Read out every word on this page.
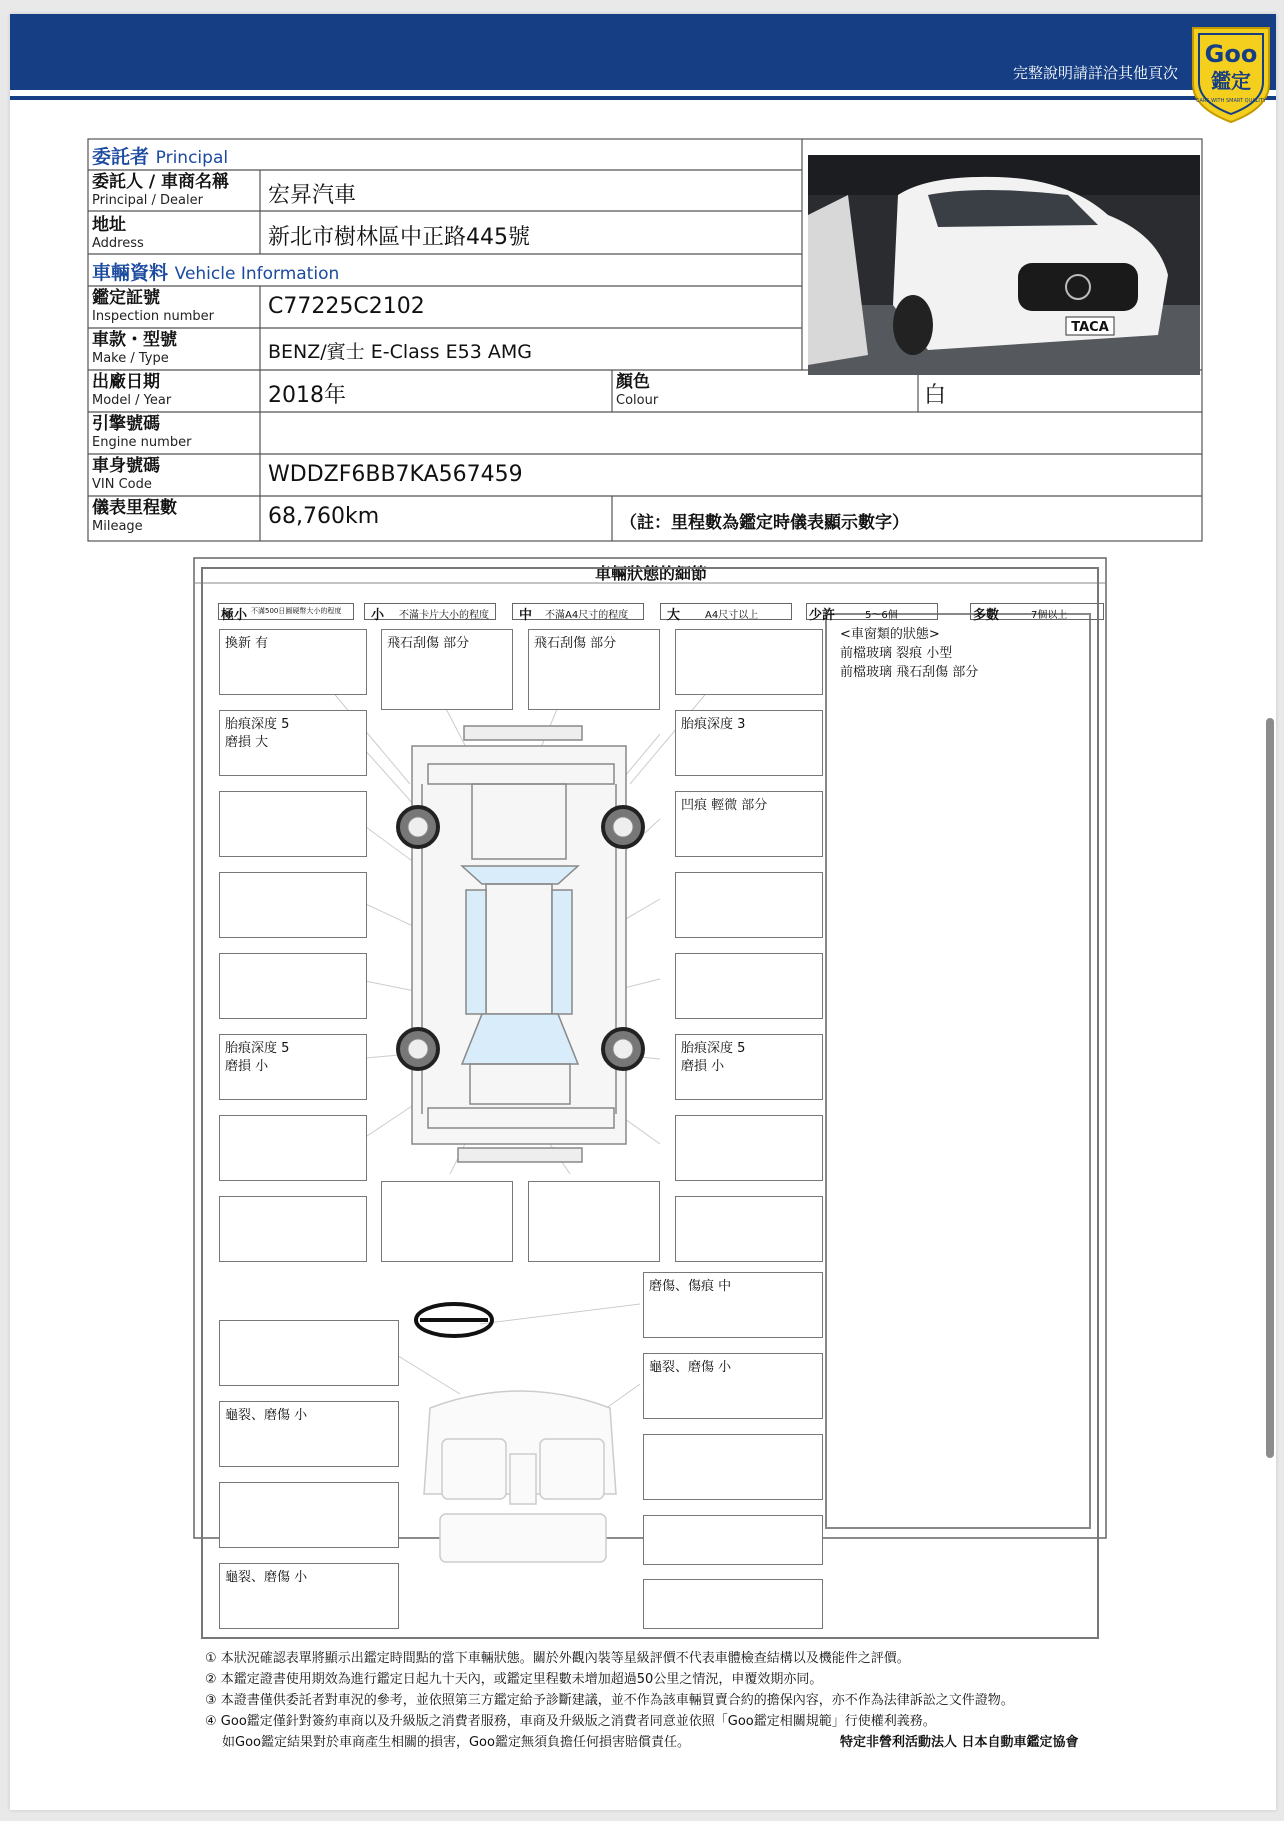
完整說明請詳洽其他頁次
Goo
鑑定
CARS WITH SMART QUALITY
委託者 Principal
委託人 / 車商名稱
Principal / Dealer	宏昇汽車
地址
Address	新北市樹林區中正路445號
車輛資料 Vehicle Information
鑑定証號
Inspection number C77225C2102
車款・型號
Make / Type	BENZ/賓士 E-Class E53 AMG
出廠日期
Model / Year	2018年
顏色
Colour	白
引擎號碼
Engine number
車身號碼
VIN Code	WDDZF6BB7KA567459
儀表里程數
Mileage	68,760km	（註：里程數為鑑定時儀表顯示數字）
TACA
車輛狀態的細節
極小 不滿500日圓硬幣大小的程度 小 不滿卡片大小的程度 中 不滿A4尺寸的程度	大 A4尺寸以上	少許	5～6個	多數	7個以上
換新 有	飛石刮傷 部分	飛石刮傷 部分
胎痕深度 5
磨損 大
胎痕深度 3
凹痕 輕微 部分
胎痕深度 5
磨損 小
胎痕深度 5
磨損 小
磨傷、傷痕 中
龜裂、磨傷 小
龜裂、磨傷 小
龜裂、磨傷 小
<車窗類的狀態>
前檔玻璃 裂痕 小型
前檔玻璃 飛石刮傷 部分
① 本狀況確認表單將顯示出鑑定時間點的當下車輛狀態。關於外觀內裝等星級評價不代表車體檢查結構以及機能件之評價。
② 本鑑定證書使用期效為進行鑑定日起九十天內，或鑑定里程數未增加超過50公里之情況，申覆效期亦同。
③ 本證書僅供委託者對車況的參考，並依照第三方鑑定給予診斷建議，並不作為該車輛買賣合約的擔保內容，亦不作為法律訴訟之文件證物。
④ Goo鑑定僅針對簽約車商以及升級版之消費者服務，車商及升級版之消費者同意並依照「Goo鑑定相關規範」行使權利義務。
如Goo鑑定結果對於車商產生相關的損害，Goo鑑定無須負擔任何損害賠償責任。	特定非營利活動法人 日本自動車鑑定協會
